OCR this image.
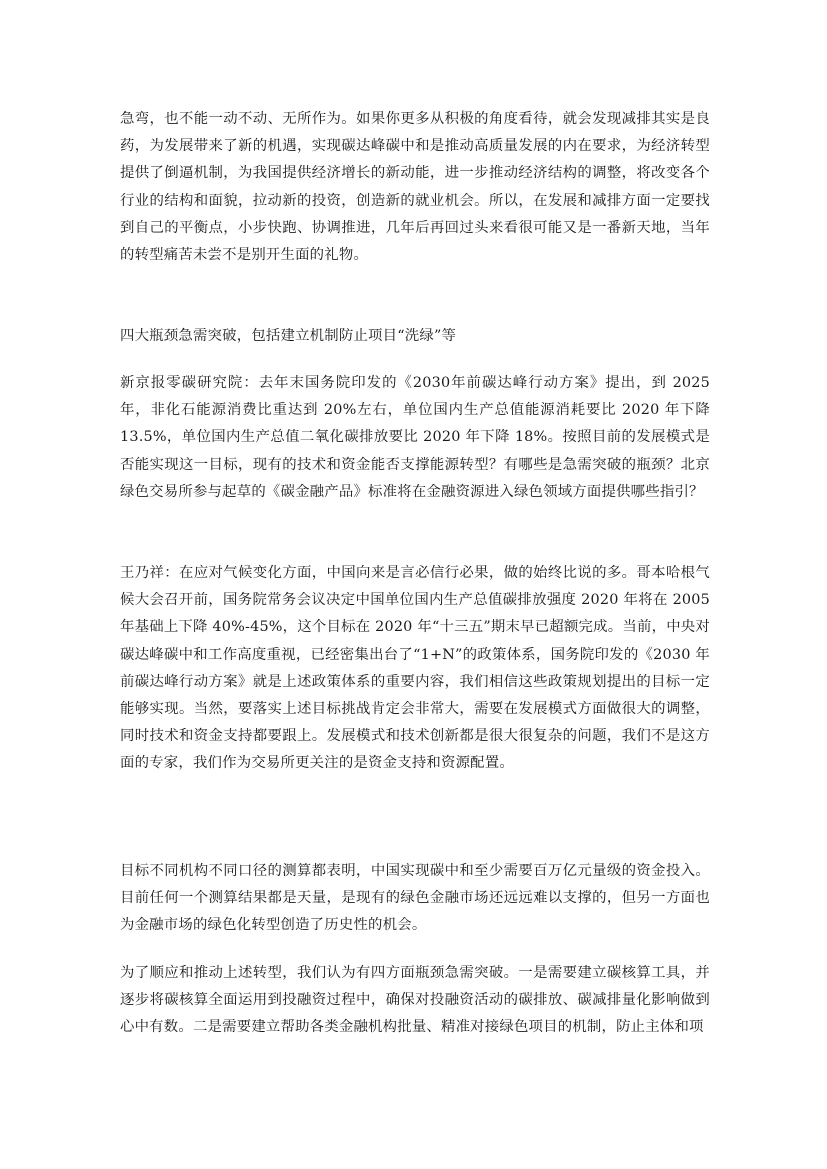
急弯，也不能一动不动、无所作为。如果你更多从积极的角度看待，就会发现减排其实是良药，为发展带来了新的机遇，实现碳达峰碳中和是推动高质量发展的内在要求，为经济转型提供了倒逼机制，为我国提供经济增长的新动能，进一步推动经济结构的调整，将改变各个行业的结构和面貌，拉动新的投资，创造新的就业机会。所以，在发展和减排方面一定要找到自己的平衡点，小步快跑、协调推进，几年后再回过头来看很可能又是一番新天地，当年的转型痛苦未尝不是别开生面的礼物。

四大瓶颈急需突破，包括建立机制防止项目“洗绿”等

新京报零碳研究院：去年末国务院印发的《2030年前碳达峰行动方案》提出，到 2025 年，非化石能源消费比重达到 20%左右，单位国内生产总值能源消耗要比 2020 年下降 13.5%，单位国内生产总值二氧化碳排放要比 2020 年下降 18%。按照目前的发展模式是否能实现这一目标，现有的技术和资金能否支撑能源转型？有哪些是急需突破的瓶颈？北京绿色交易所参与起草的《碳金融产品》标准将在金融资源进入绿色领域方面提供哪些指引？

王乃祥：在应对气候变化方面，中国向来是言必信行必果，做的始终比说的多。哥本哈根气候大会召开前，国务院常务会议决定中国单位国内生产总值碳排放强度 2020 年将在 2005 年基础上下降 40%-45%，这个目标在 2020 年“十三五”期末早已超额完成。当前，中央对碳达峰碳中和工作高度重视，已经密集出台了“1+N”的政策体系，国务院印发的《2030 年前碳达峰行动方案》就是上述政策体系的重要内容，我们相信这些政策规划提出的目标一定能够实现。当然，要落实上述目标挑战肯定会非常大，需要在发展模式方面做很大的调整，同时技术和资金支持都要跟上。发展模式和技术创新都是很大很复杂的问题，我们不是这方面的专家，我们作为交易所更关注的是资金支持和资源配置。

目标不同机构不同口径的测算都表明，中国实现碳中和至少需要百万亿元量级的资金投入。目前任何一个测算结果都是天量，是现有的绿色金融市场还远远难以支撑的，但另一方面也为金融市场的绿色化转型创造了历史性的机会。

为了顺应和推动上述转型，我们认为有四方面瓶颈急需突破。一是需要建立碳核算工具，并逐步将碳核算全面运用到投融资过程中，确保对投融资活动的碳排放、碳减排量化影响做到心中有数。二是需要建立帮助各类金融机构批量、精准对接绿色项目的机制，防止主体和项
